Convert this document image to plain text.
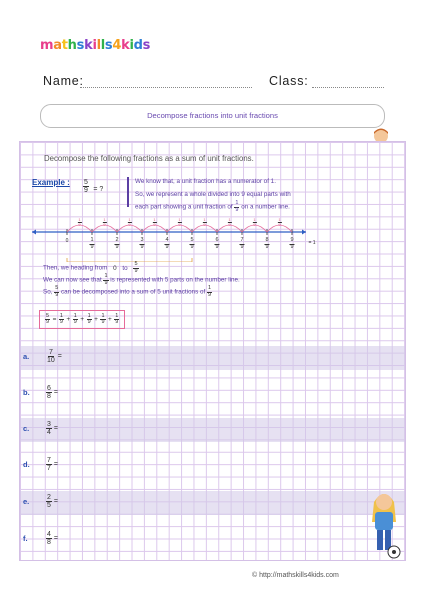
mathskills4kids
Name:	Class:
Decompose fractions into unit fractions
Decompose the following fractions as a sum of unit fractions.
Example : $\frac{5}{9}$ = ?
We know that, a unit fraction has a numerator of 1.
So, we represent a whole divided into 9 equal parts with
each part showing a unit fraction of $\frac{1}{9}$ on a number line.
$\frac{1}{9}$	$\frac{1}{9}$	$\frac{1}{9}$	$\frac{1}{9}$	$\frac{1}{9}$	$\frac{1}{9}$	$\frac{1}{9}$	$\frac{1}{9}$	$\frac{1}{9}$
0	$\frac{1}{9}$	$\frac{2}{9}$	$\frac{3}{9}$	$\frac{4}{9}$	$\frac{5}{9}$	$\frac{6}{9}$	$\frac{7}{9}$	$\frac{8}{9}$	$\frac{9}{9}$	= 1
Then, we heading from 0 to $\frac{5}{9}$
We can now see that $\frac{1}{9}$ is represented with 5 parts on the number line.
So, $\frac{5}{9}$ can be decomposed into a sum of 5 unit fractions of $\frac{1}{9}$
$\frac{5}{9} = \frac{1}{9} + \frac{1}{9} + \frac{1}{9} + \frac{1}{9} + \frac{1}{9}$
a. $\frac{7}{10}$ =
b. $\frac{6}{8}$ =
c. $\frac{3}{4}$ =
d. $\frac{7}{7}$ =
e. $\frac{2}{5}$ =
f.	$\frac{4}{8}$ =
© http://mathskills4kids.com
